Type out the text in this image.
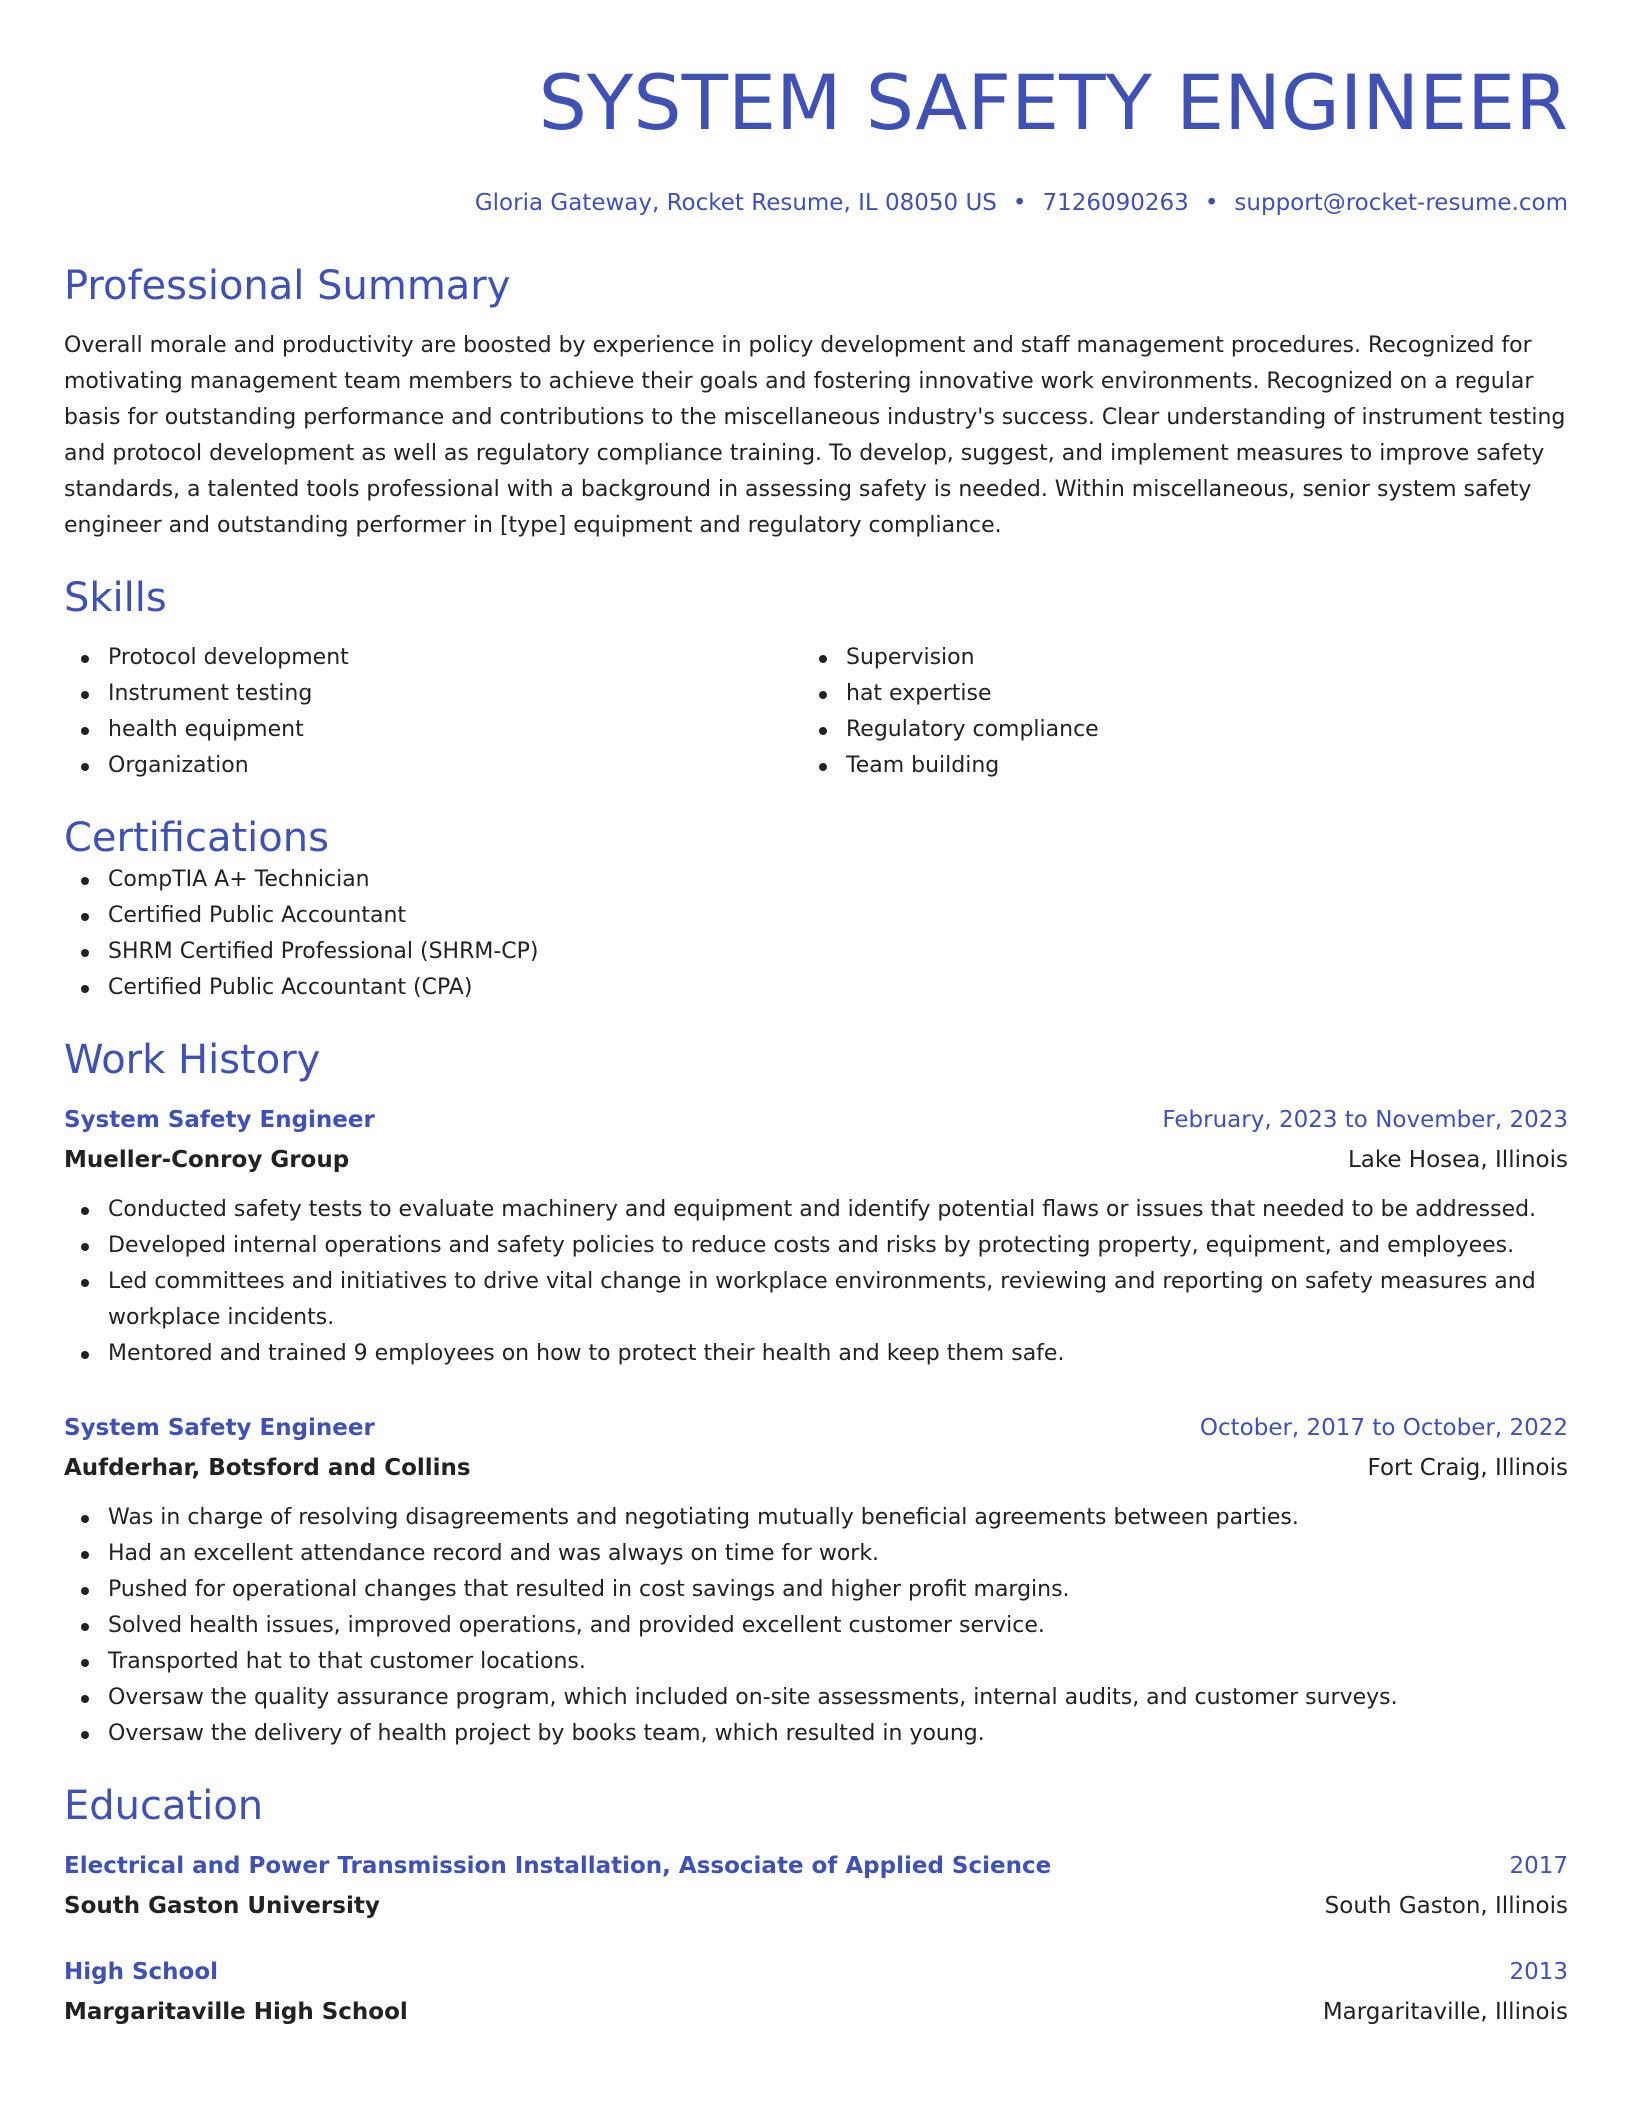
SYSTEM SAFETY ENGINEER
Gloria Gateway, Rocket Resume, IL 08050 US • 7126090263 • support@rocket-resume.com
Professional Summary
Overall morale and productivity are boosted by experience in policy development and staff management procedures. Recognized for motivating management team members to achieve their goals and fostering innovative work environments. Recognized on a regular basis for outstanding performance and contributions to the miscellaneous industry's success. Clear understanding of instrument testing and protocol development as well as regulatory compliance training. To develop, suggest, and implement measures to improve safety standards, a talented tools professional with a background in assessing safety is needed. Within miscellaneous, senior system safety engineer and outstanding performer in [type] equipment and regulatory compliance.
Skills
Protocol development
Instrument testing
health equipment
Organization
Supervision
hat expertise
Regulatory compliance
Team building
Certifications
CompTIA A+ Technician
Certified Public Accountant
SHRM Certified Professional (SHRM-CP)
Certified Public Accountant (CPA)
Work History
System Safety Engineer	February, 2023 to November, 2023
Mueller-Conroy Group	Lake Hosea, Illinois
Conducted safety tests to evaluate machinery and equipment and identify potential flaws or issues that needed to be addressed.
Developed internal operations and safety policies to reduce costs and risks by protecting property, equipment, and employees.
Led committees and initiatives to drive vital change in workplace environments, reviewing and reporting on safety measures and workplace incidents.
Mentored and trained 9 employees on how to protect their health and keep them safe.
System Safety Engineer	October, 2017 to October, 2022
Aufderhar, Botsford and Collins	Fort Craig, Illinois
Was in charge of resolving disagreements and negotiating mutually beneficial agreements between parties.
Had an excellent attendance record and was always on time for work.
Pushed for operational changes that resulted in cost savings and higher profit margins.
Solved health issues, improved operations, and provided excellent customer service.
Transported hat to that customer locations.
Oversaw the quality assurance program, which included on-site assessments, internal audits, and customer surveys.
Oversaw the delivery of health project by books team, which resulted in young.
Education
Electrical and Power Transmission Installation, Associate of Applied Science	2017
South Gaston University	South Gaston, Illinois
High School	2013
Margaritaville High School	Margaritaville, Illinois
